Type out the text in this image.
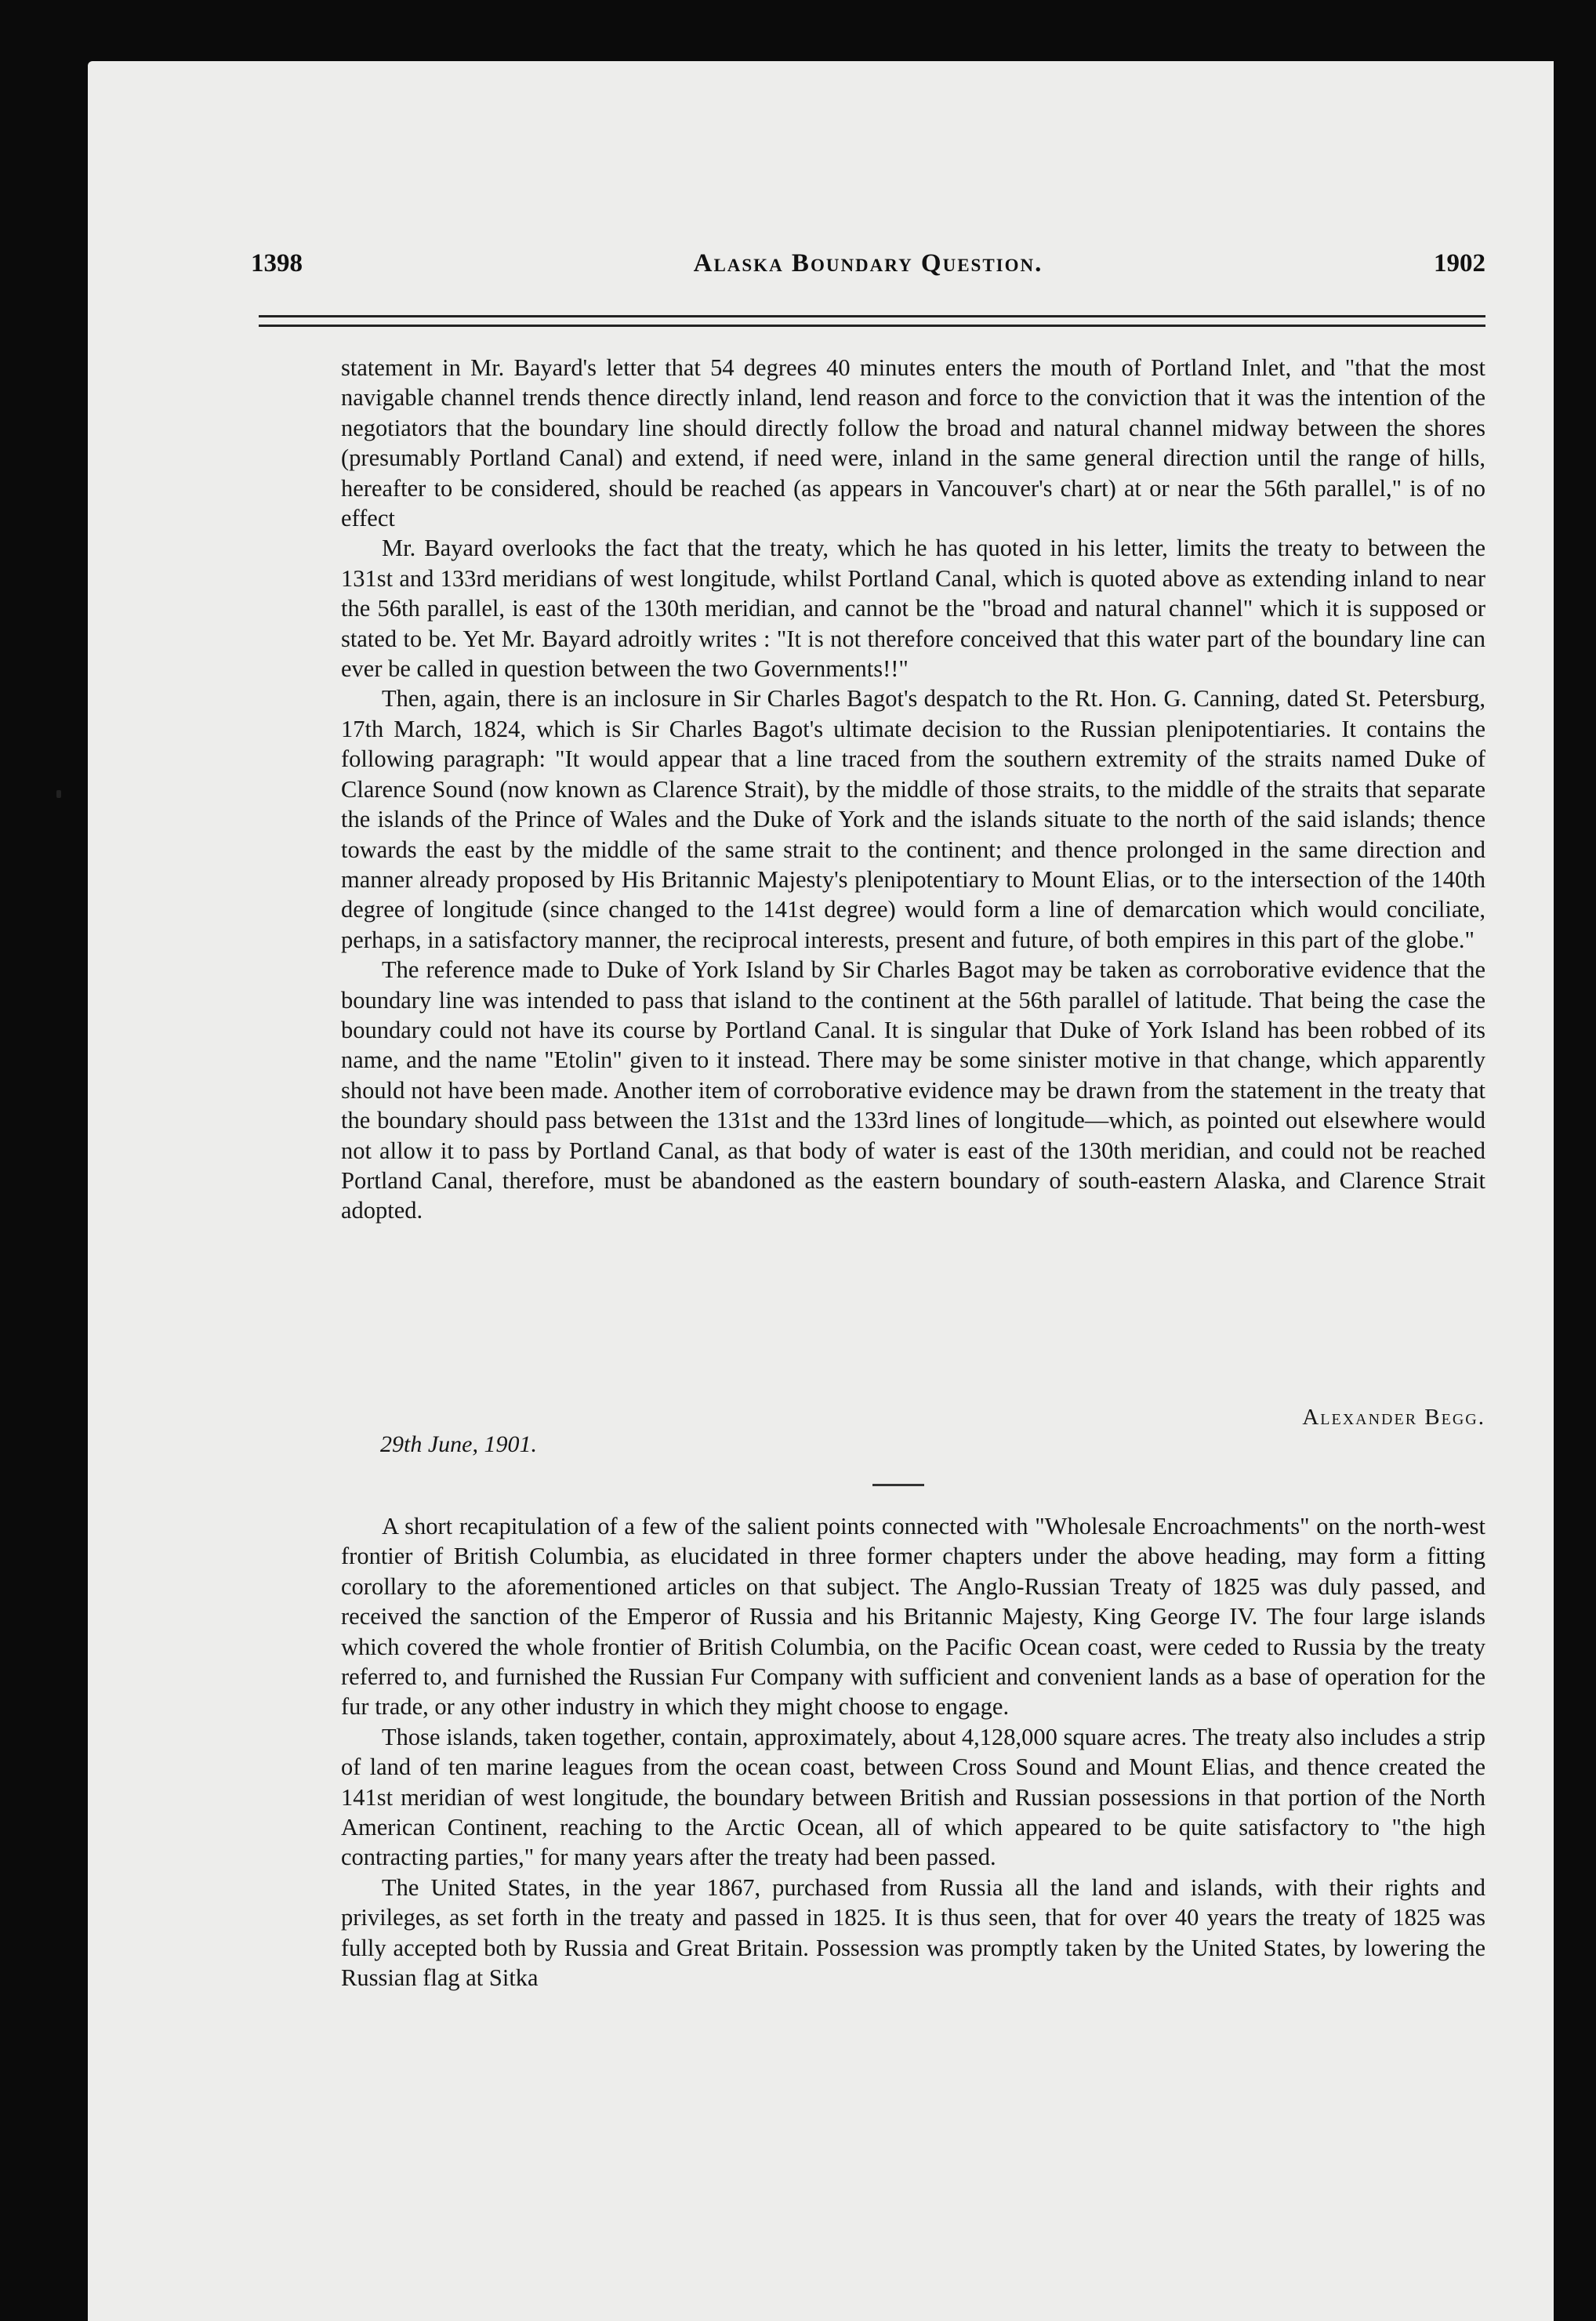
1398	Alaska Boundary Question.	1902

statement in Mr. Bayard's letter that 54 degrees 40 minutes enters the mouth of Portland Inlet, and "that the most navigable channel trends thence directly inland, lend reason and force to the conviction that it was the intention of the negotiators that the boundary line should directly follow the broad and natural channel midway between the shores (presumably Portland Canal) and extend, if need were, inland in the same general direction until the range of hills, hereafter to be considered, should be reached (as appears in Vancouver's chart) at or near the 56th parallel," is of no effect

Mr. Bayard overlooks the fact that the treaty, which he has quoted in his letter, limits the treaty to between the 131st and 133rd meridians of west longitude, whilst Portland Canal, which is quoted above as extending inland to near the 56th parallel, is east of the 130th meridian, and cannot be the "broad and natural channel" which it is supposed or stated to be. Yet Mr. Bayard adroitly writes : "It is not therefore conceived that this water part of the boundary line can ever be called in question between the two Governments!!"

Then, again, there is an inclosure in Sir Charles Bagot's despatch to the Rt. Hon. G. Canning, dated St. Petersburg, 17th March, 1824, which is Sir Charles Bagot's ultimate decision to the Russian plenipotentiaries. It contains the following paragraph: "It would appear that a line traced from the southern extremity of the straits named Duke of Clarence Sound (now known as Clarence Strait), by the middle of those straits, to the middle of the straits that separate the islands of the Prince of Wales and the Duke of York and the islands situate to the north of the said islands; thence towards the east by the middle of the same strait to the continent; and thence prolonged in the same direction and manner already proposed by His Britannic Majesty's plenipotentiary to Mount Elias, or to the intersection of the 140th degree of longitude (since changed to the 141st degree) would form a line of demarcation which would conciliate, perhaps, in a satisfactory manner, the reciprocal interests, present and future, of both empires in this part of the globe."

The reference made to Duke of York Island by Sir Charles Bagot may be taken as corroborative evidence that the boundary line was intended to pass that island to the continent at the 56th parallel of latitude. That being the case the boundary could not have its course by Portland Canal. It is singular that Duke of York Island has been robbed of its name, and the name "Etolin" given to it instead. There may be some sinister motive in that change, which apparently should not have been made. Another item of corroborative evidence may be drawn from the statement in the treaty that the boundary should pass between the 131st and the 133rd lines of longitude—which, as pointed out elsewhere would not allow it to pass by Portland Canal, as that body of water is east of the 130th meridian, and could not be reached Portland Canal, therefore, must be abandoned as the eastern boundary of south-eastern Alaska, and Clarence Strait adopted.

Alexander Begg.
29th June, 1901.

A short recapitulation of a few of the salient points connected with "Wholesale Encroachments" on the north-west frontier of British Columbia, as elucidated in three former chapters under the above heading, may form a fitting corollary to the aforementioned articles on that subject. The Anglo-Russian Treaty of 1825 was duly passed, and received the sanction of the Emperor of Russia and his Britannic Majesty, King George IV. The four large islands which covered the whole frontier of British Columbia, on the Pacific Ocean coast, were ceded to Russia by the treaty referred to, and furnished the Russian Fur Company with sufficient and convenient lands as a base of operation for the fur trade, or any other industry in which they might choose to engage.

Those islands, taken together, contain, approximately, about 4,128,000 square acres. The treaty also includes a strip of land of ten marine leagues from the ocean coast, between Cross Sound and Mount Elias, and thence created the 141st meridian of west longitude, the boundary between British and Russian possessions in that portion of the North American Continent, reaching to the Arctic Ocean, all of which appeared to be quite satisfactory to "the high contracting parties," for many years after the treaty had been passed.

The United States, in the year 1867, purchased from Russia all the land and islands, with their rights and privileges, as set forth in the treaty and passed in 1825. It is thus seen, that for over 40 years the treaty of 1825 was fully accepted both by Russia and Great Britain. Possession was promptly taken by the United States, by lowering the Russian flag at Sitka
